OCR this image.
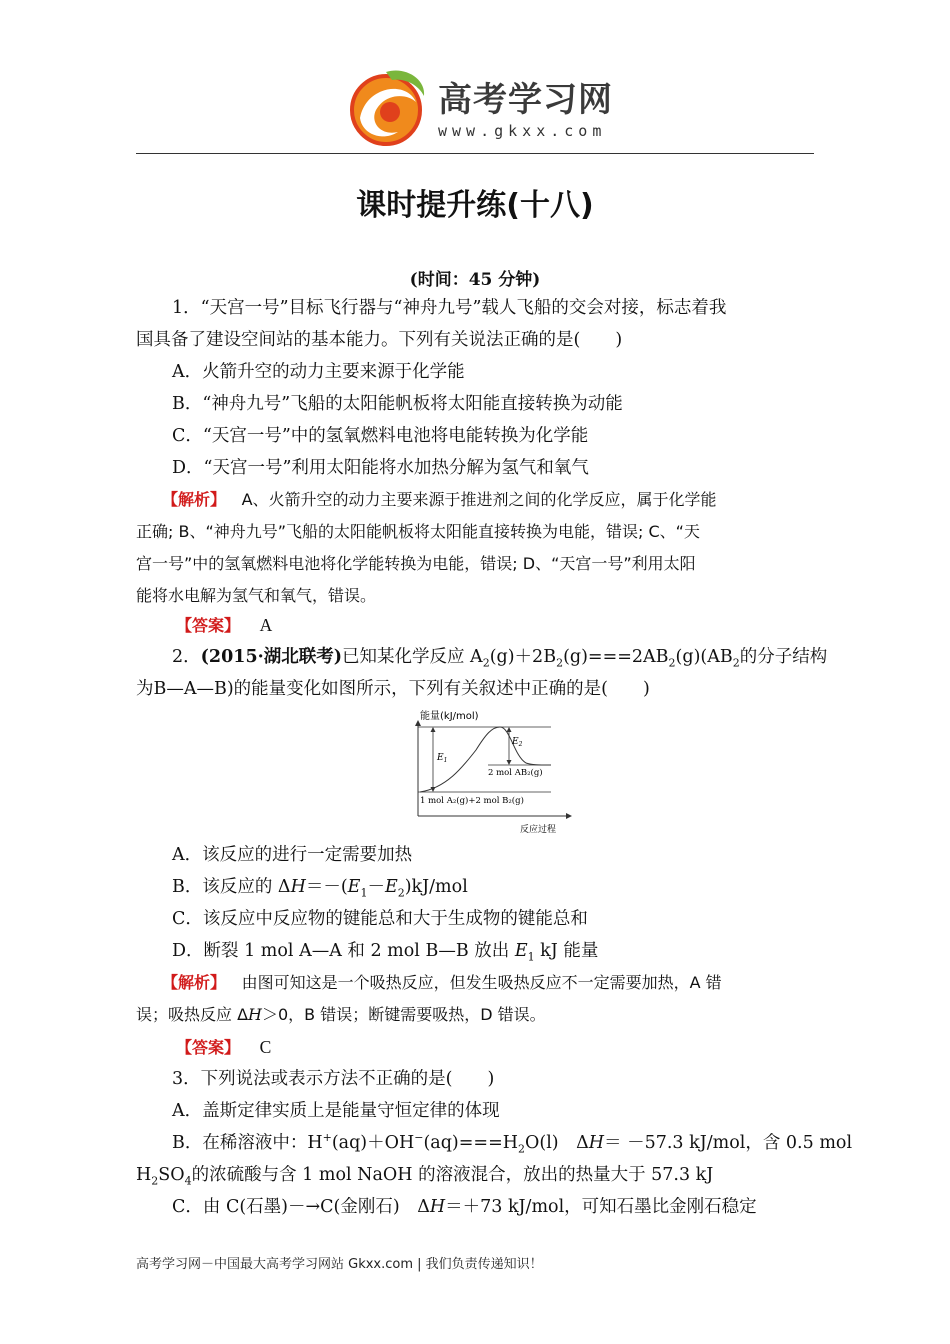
高考学习网
www.gkxx.com
课时提升练(十八)
(时间：45 分钟)
1．“天宫一号”目标飞行器与“神舟九号”载人飞船的交会对接，标志着我
国具备了建设空间站的基本能力。下列有关说法正确的是(　　)
A．火箭升空的动力主要来源于化学能
B．“神舟九号”飞船的太阳能帆板将太阳能直接转换为动能
C．“天宫一号”中的氢氧燃料电池将电能转换为化学能
D．“天宫一号”利用太阳能将水加热分解为氢气和氧气
【解析】 A、火箭升空的动力主要来源于推进剂之间的化学反应，属于化学能
正确; B、“神舟九号”飞船的太阳能帆板将太阳能直接转换为电能，错误; C、“天
宫一号”中的氢氧燃料电池将化学能转换为电能，错误; D、“天宫一号”利用太阳
能将水电解为氢气和氧气，错误。
【答案】 A
2．(2015·湖北联考)已知某化学反应 $A_2(g)+2B_2(g)===2AB_2(g)(AB_2$的分子结构
为B—A—B)的能量变化如图所示，下列有关叙述中正确的是(　　)
能量(kJ/mol)
$E_1$
$E_2$
2 mol AB₂(g)
1 mol A₂(g)+2 mol B₂(g)
反应过程
A．该反应的进行一定需要加热
B．该反应的 $\Delta H=-(E_1-E_2)kJ$/mol
C．该反应中反应物的键能总和大于生成物的键能总和
D．断裂 1 mol A—A 和 2 mol B—B 放出 $E_1$ kJ 能量
【解析】 由图可知这是一个吸热反应，但发生吸热反应不一定需要加热，A 错
误；吸热反应 ΔH＞0，B 错误；断键需要吸热，D 错误。
【答案】 C
3．下列说法或表示方法不正确的是(　　)
A．盖斯定律实质上是能量守恒定律的体现
B．在稀溶液中：$H^+(aq)+OH^-(aq)===H_2O(l)$　ΔH＝ －57.3 kJ/mol，含 0.5 mol
$H_2SO_4$的浓硫酸与含 1 mol NaOH 的溶液混合，放出的热量大于 57.3 kJ
C．由 C(石墨)－→C(金刚石)　ΔH＝＋73 kJ/mol，可知石墨比金刚石稳定
高考学习网－中国最大高考学习网站 Gkxx.com | 我们负责传递知识！
